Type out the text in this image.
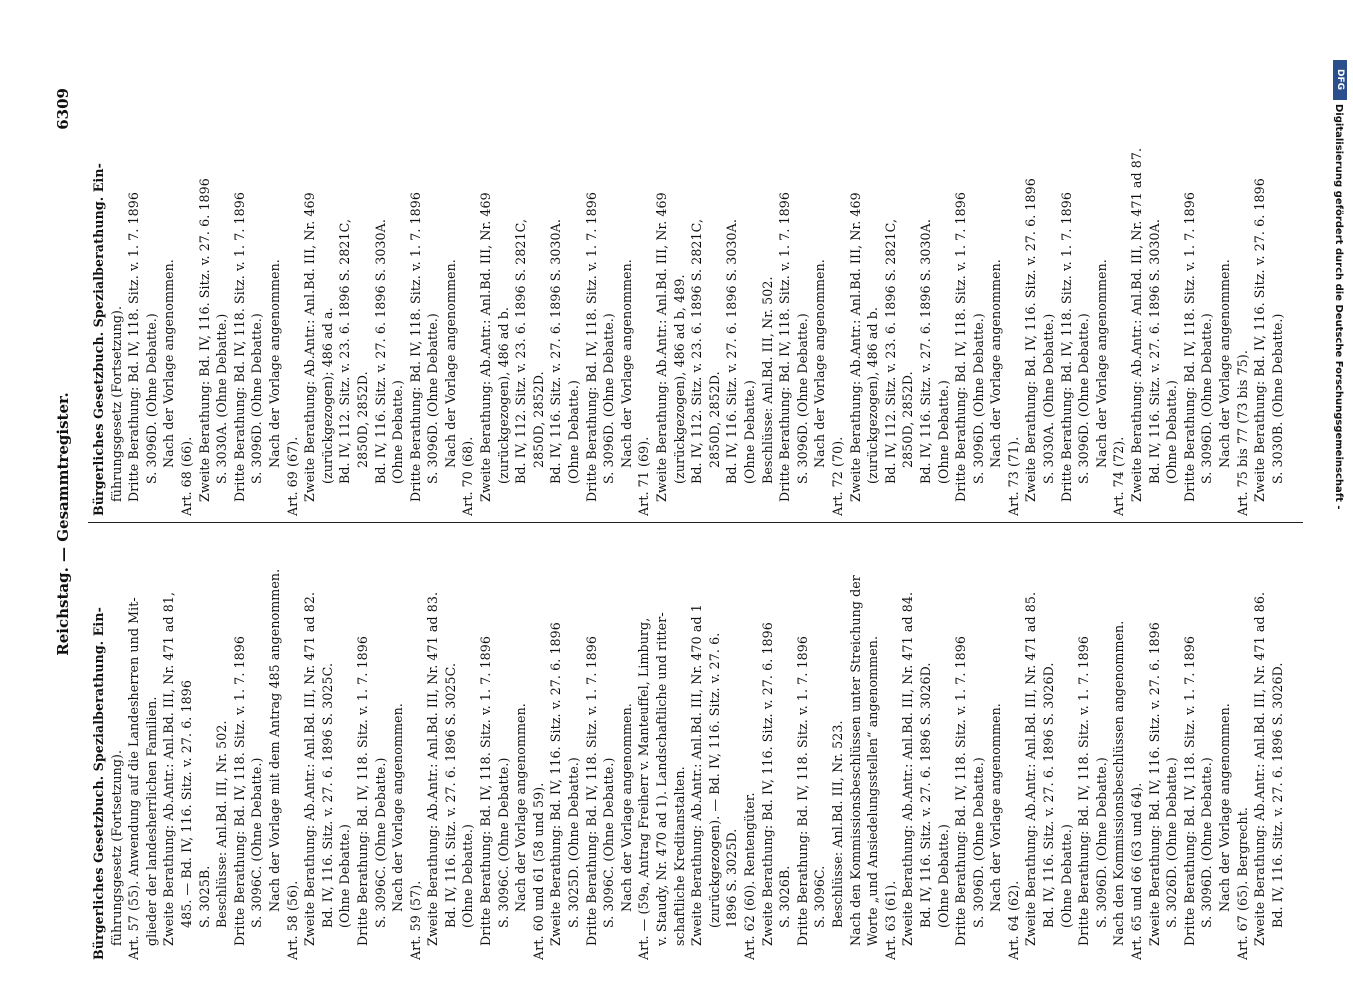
Reichstag. — Gesammtregister.
6309
Bürgerliches Gesetzbuch. Spezialberathung. Ein- führungsgesetz (Fortsetzung). Art. 57 (55). Anwendung auf die Landesherren und Mit- glieder der landesherrlichen Familien. Zweite Berathung: Ab.Antr.: Anl.Bd. III, Nr. 471 ad 81, 485. — Bd. IV, 116. Sitz. v. 27. 6. 1896 S. 3025B. Beschlüsse: Anl.Bd. III, Nr. 502. Dritte Berathung: Bd. IV, 118. Sitz. v. 1. 7. 1896 S. 3096C. (Ohne Debatte.) Nach der Vorlage mit dem Antrag 485 angenommen.
Art. 58 (56). Zweite Berathung: Ab.Antr.: Anl.Bd. III, Nr. 471 ad 82. Bd. IV, 116. Sitz. v. 27. 6. 1896 S. 3025C. (Ohne Debatte.) Dritte Berathung: Bd. IV, 118. Sitz. v. 1. 7. 1896 S. 3096C. (Ohne Debatte.) Nach der Vorlage angenommen.
Art. 59 (57). Zweite Berathung: Ab.Antr.: Anl.Bd. III, Nr. 471 ad 83. Bd. IV, 116. Sitz. v. 27. 6. 1896 S. 3025C. (Ohne Debatte.) Dritte Berathung: Bd. IV, 118. Sitz. v. 1. 7. 1896 S. 3096C. (Ohne Debatte.) Nach der Vorlage angenommen. Art. 60 und 61 (58 und 59). Zweite Berathung: Bd. IV, 116. Sitz. v. 27. 6. 1896 S. 3025D. (Ohne Debatte.) Dritte Berathung: Bd. IV, 118. Sitz. v. 1. 7. 1896 S. 3096C. (Ohne Debatte.) Nach der Vorlage angenommen. Art. — (59a, Antrag Freiherr v. Manteuffel, Limburg, v. Staudy, Nr. 470 ad 1). Landschaftliche und ritter- schaftliche Kreditanstalten. Zweite Berathung: Ab.Antr.: Anl.Bd. III, Nr. 470 ad 1 (zurückgezogen). — Bd. IV, 116. Sitz. v. 27. 6. 1896 S. 3025D. Art. 62 (60). Rentengüter. Zweite Berathung: Bd. IV, 116. Sitz. v. 27. 6. 1896 S. 3026B. Dritte Berathung: Bd. IV, 118. Sitz. v. 1. 7. 1896 S. 3096C. Beschlüsse: Anl.Bd. III, Nr. 523. Nach den Kommissionsbeschlüssen unter Streichung der Worte „und Ansiedelungsstellen“ angenommen. Art. 63 (61). Zweite Berathung: Ab.Antr.: Anl.Bd. III, Nr. 471 ad 84. Bd. IV, 116. Sitz. v. 27. 6. 1896 S. 3026D. (Ohne Debatte.) Dritte Berathung: Bd. IV, 118. Sitz. v. 1. 7. 1896 S. 3096D. (Ohne Debatte.) Nach der Vorlage angenommen.
Art. 64 (62). Zweite Berathung: Ab.Antr.: Anl.Bd. III, Nr. 471 ad 85. Bd. IV, 116. Sitz. v. 27. 6. 1896 S. 3026D. (Ohne Debatte.) Dritte Berathung: Bd. IV, 118. Sitz. v. 1. 7. 1896 S. 3096D. (Ohne Debatte.) Nach den Kommissionsbeschlüssen angenommen. Art. 65 und 66 (63 und 64). Zweite Berathung: Bd. IV, 116. Sitz. v. 27. 6. 1896 S. 3026D. (Ohne Debatte.) Dritte Berathung: Bd. IV, 118. Sitz. v. 1. 7. 1896 S. 3096D. (Ohne Debatte.) Nach der Vorlage angenommen. Art. 67 (65). Bergrecht. Zweite Berathung: Ab.Antr.: Anl.Bd. III, Nr. 471 ad 86. Bd. IV, 116. Sitz. v. 27. 6. 1896 S. 3026D.
Bürgerliches Gesetzbuch. Spezialberathung. Ein- führungsgesetz (Fortsetzung). Dritte Berathung: Bd. IV, 118. Sitz. v. 1. 7. 1896 S. 3096D. (Ohne Debatte.) Nach der Vorlage angenommen.
Art. 68 (66). Zweite Berathung: Bd. IV, 116. Sitz. v. 27. 6. 1896 S. 3030A. (Ohne Debatte.) Dritte Berathung: Bd. IV, 118. Sitz. v. 1. 7. 1896 S. 3096D. (Ohne Debatte.) Nach der Vorlage angenommen.
Art. 69 (67). Zweite Berathung: Ab.Antr.: Anl.Bd. III, Nr. 469 (zurückgezogen); 486 ad a. Bd. IV, 112. Sitz. v. 23. 6. 1896 S. 2821C, 2850D, 2852D. Bd. IV, 116. Sitz. v. 27. 6. 1896 S. 3030A. (Ohne Debatte.) Dritte Berathung: Bd. IV, 118. Sitz. v. 1. 7. 1896 S. 3096D. (Ohne Debatte.) Nach der Vorlage angenommen.
Art. 70 (68). Zweite Berathung: Ab.Antr.: Anl.Bd. III, Nr. 469 (zurückgezogen), 486 ad b. Bd. IV, 112. Sitz. v. 23. 6. 1896 S. 2821C, 2850D, 2852D. Bd. IV, 116. Sitz. v. 27. 6. 1896 S. 3030A. (Ohne Debatte.) Dritte Berathung: Bd. IV, 118. Sitz. v. 1. 7. 1896 S. 3096D. (Ohne Debatte.) Nach der Vorlage angenommen.
Art. 71 (69). Zweite Berathung: Ab.Antr.: Anl.Bd. III, Nr. 469 (zurückgezogen), 486 ad b, 489. Bd. IV, 112. Sitz. v. 23. 6. 1896 S. 2821C, 2850D, 2852D. Bd. IV, 116. Sitz. v. 27. 6. 1896 S. 3030A. (Ohne Debatte.) Beschlüsse: Anl.Bd. III, Nr. 502. Dritte Berathung: Bd. IV, 118. Sitz. v. 1. 7. 1896 S. 3096D. (Ohne Debatte.) Nach der Vorlage angenommen.
Art. 72 (70). Zweite Berathung: Ab.Antr.: Anl.Bd. III, Nr. 469 (zurückgezogen), 486 ad b. Bd. IV, 112. Sitz. v. 23. 6. 1896 S. 2821C, 2850D, 2852D. Bd. IV, 116. Sitz. v. 27. 6. 1896 S. 3030A. (Ohne Debatte.) Dritte Berathung: Bd. IV, 118. Sitz. v. 1. 7. 1896 S. 3096D. (Ohne Debatte.) Nach der Vorlage angenommen.
Art. 73 (71). Zweite Berathung: Bd. IV, 116. Sitz. v. 27. 6. 1896 S. 3030A. (Ohne Debatte.) Dritte Berathung: Bd. IV, 118. Sitz. v. 1. 7. 1896 S. 3096D. (Ohne Debatte.) Nach der Vorlage angenommen.
Art. 74 (72). Zweite Berathung: Ab.Antr.: Anl.Bd. III, Nr. 471 ad 87. Bd. IV, 116. Sitz. v. 27. 6. 1896 S. 3030A. (Ohne Debatte.) Dritte Berathung: Bd. IV, 118. Sitz. v. 1. 7. 1896 S. 3096D. (Ohne Debatte.) Nach der Vorlage angenommen. Art. 75 bis 77 (73 bis 75). Zweite Berathung: Bd. IV, 116. Sitz. v. 27. 6. 1896 S. 3030B. (Ohne Debatte.)
DFG
Digitalisierung gefördert durch die Deutsche Forschungsgemeinschaft -
